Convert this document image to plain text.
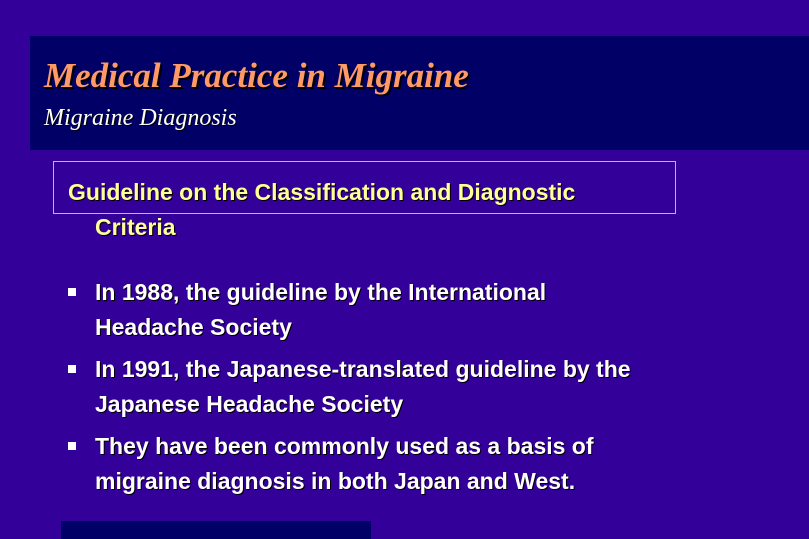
Medical Practice in Migraine
Migraine Diagnosis
Guideline on the Classification and Diagnostic
Criteria
In 1988, the guideline by the International
Headache Society
In 1991, the Japanese-translated guideline by the
Japanese Headache Society
They have been commonly used as a basis of
migraine diagnosis in both Japan and West.
